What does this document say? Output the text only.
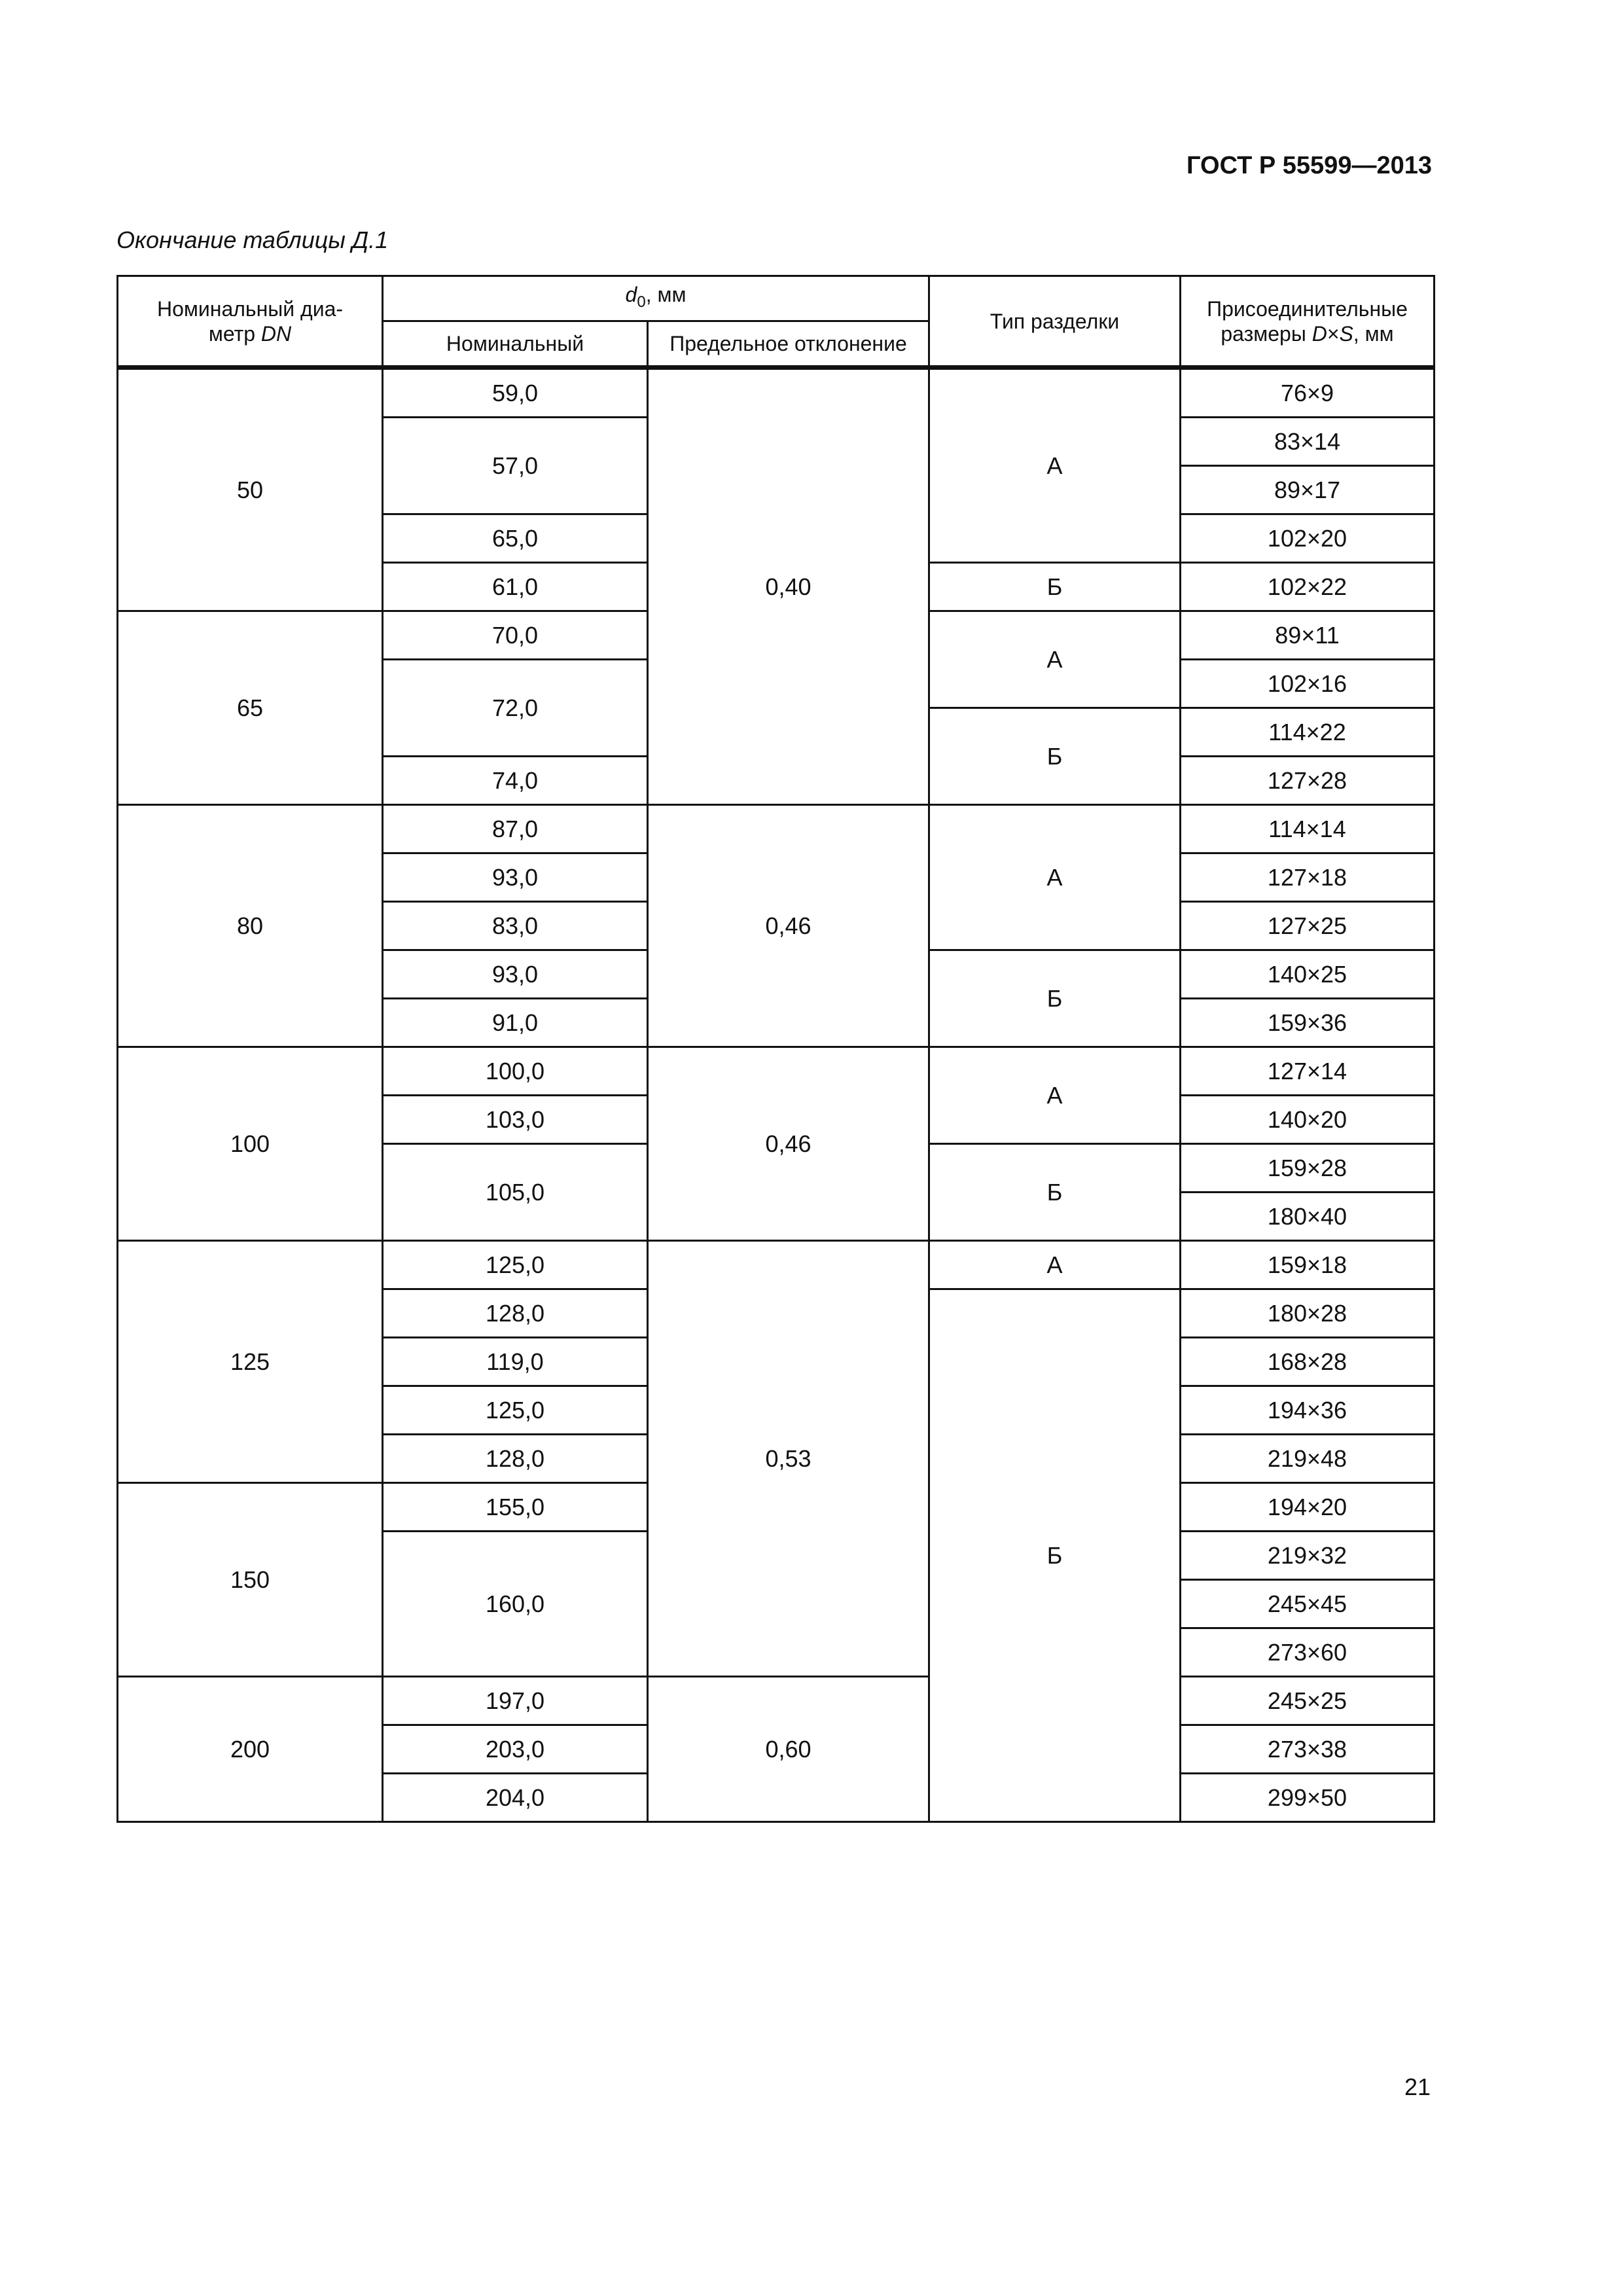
ГОСТ Р 55599—2013
Окончание таблицы Д.1
Номинальный диа-
метр DN	$d_0$, мм		Тип разделки	Присоединительные
размеры D×S, мм
	Номинальный	Предельное отклонение		
50	59,0	0,40	А	76×9
	57,0			83×14
				89×17
	65,0			102×20
	61,0		Б	102×22
65	70,0		А	89×11
	72,0			102×16
			Б	114×22
	74,0			127×28
80	87,0	0,46	А	114×14
	93,0			127×18
	83,0			127×25
	93,0		Б	140×25
	91,0			159×36
100	100,0	0,46	А	127×14
	103,0			140×20
	105,0		Б	159×28
				180×40
125	125,0	0,53	А	159×18
	128,0		Б	180×28
	119,0			168×28
	125,0			194×36
	128,0			219×48
150	155,0			194×20
	160,0			219×32
				245×45
				273×60
200	197,0	0,60		245×25
	203,0			273×38
	204,0			299×50
21
